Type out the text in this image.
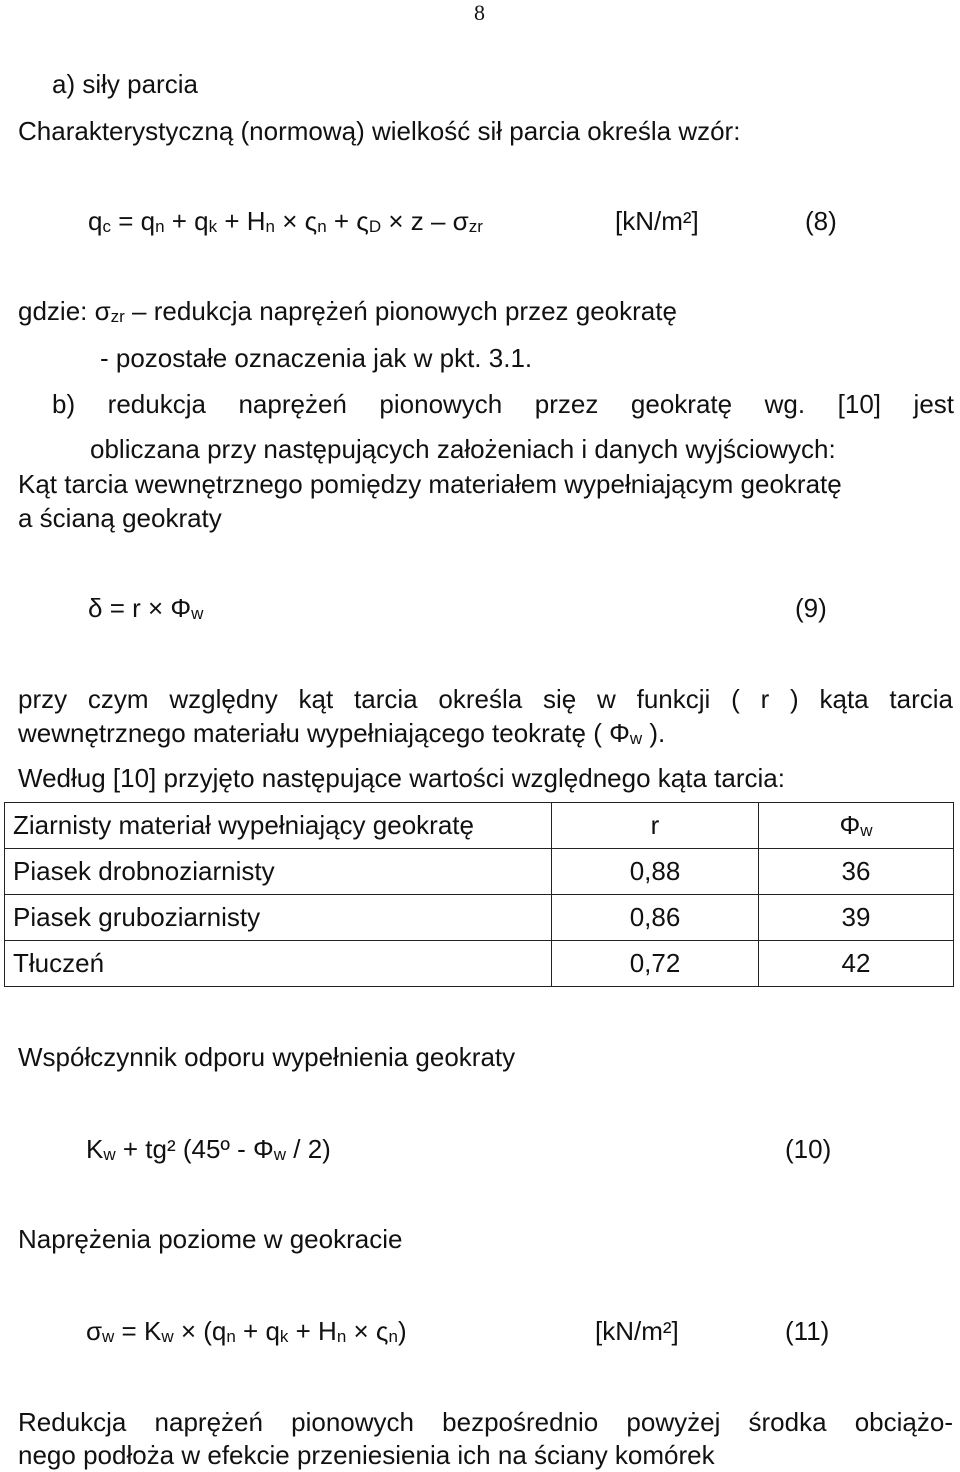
8
a) siły parcia
Charakterystyczną (normową) wielkość sił parcia określa wzór:
$q_c = q_n + q_k + H_n \times \varsigma_n + \varsigma_D \times z - \sigma_{zr}$	[kN/m²]	(8)
gdzie: $\sigma_{zr}$ – redukcja naprężeń pionowych przez geokratę
- pozostałe oznaczenia jak w pkt. 3.1.
b) redukcja naprężeń pionowych przez geokratę wg. [10] jest
obliczana przy następujących założeniach i danych wyjściowych:
Kąt tarcia wewnętrznego pomiędzy materiałem wypełniającym geokratę
a ścianą geokraty
$\delta = r \times \Phi_w$	(9)
przy czym względny kąt tarcia określa się w funkcji ( r ) kąta tarcia
wewnętrznego materiału wypełniającego teokratę ( $\Phi_w$ ).
Według [10] przyjęto następujące wartości względnego kąta tarcia:
Ziarnisty materiał wypełniający geokratę	r	$\Phi_w$
Piasek drobnoziarnisty	0,88	36
Piasek gruboziarnisty	0,86	39
Tłuczeń	0,72	42
Współczynnik odporu wypełnienia geokraty
$K_w + tg^2$ (45º - $\Phi_w / 2$)	(10)
Naprężenia poziome w geokracie
$\sigma_w = K_w \times (q_n + q_k + H_n \times \varsigma_n)$	[kN/m²]	(11)
Redukcja naprężeń pionowych bezpośrednio powyżej środka obciążo-
nego podłoża w efekcie przeniesienia ich na ściany komórek
